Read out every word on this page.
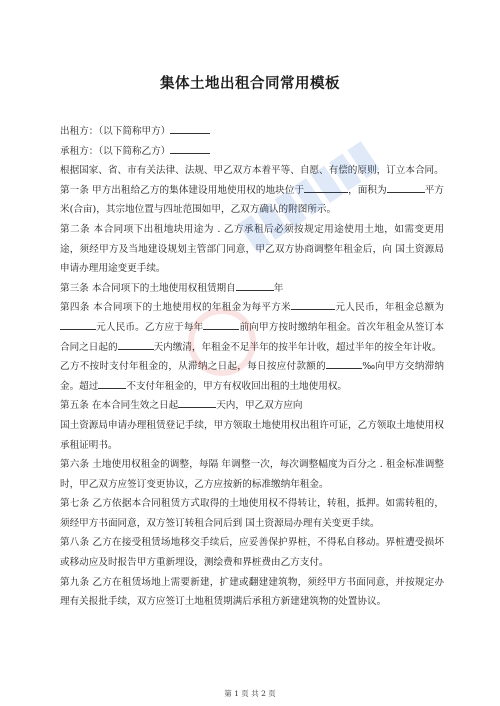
集体土地出租合同常用模板

出租方：（以下简称甲方）

承租方：（以下简称乙方）

根据国家、省、市有关法律、法规、甲乙双方本着平等、自愿、有偿的原则，订立本合同。

第一条 甲方出租给乙方的集体建设用地使用权的地块位于	，面积为	平方米(合亩)，其宗地位置与四址范围如甲，乙双方确认的附图所示。

第二条 本合同项下出租地块用途为 . 乙方承租后必须按规定用途使用土地，如需变更用途，须经甲方及当地建设规划主管部门同意，甲乙双方协商调整年租金后，向 国土资源局申请办理用途变更手续。

第三条 本合同项下的土地使用权租赁期自	年

第四条 本合同项下的土地使用权的年租金为每平方米	元人民币，年租金总额为元人民币。乙方应于每年	前向甲方按时缴纳年租金。首次年租金从签订本合同之日起的	天内缴清，年租金不足半年的按半年计收，超过半年的按全年计收。

乙方不按时支付年租金的，从滞纳之日起，每日按应付款额的	‰向甲方交纳滞纳金。超过	不支付年租金的，甲方有权收回出租的土地使用权。

第五条 在本合同生效之日起	天内，甲乙双方应向
国土资源局申请办理租赁登记手续，甲方领取土地使用权出租许可证，乙方领取土地使用权承租证明书。

第六条 土地使用权租金的调整，每隔 年调整一次，每次调整幅度为百分之 . 租金标准调整时，甲乙双方应签订变更协议，乙方应按新的标准缴纳年租金。

第七条 乙方依据本合同租赁方式取得的土地使用权不得转让，转租，抵押。如需转租的，须经甲方书面同意，双方签订转租合同后到 国土资源局办理有关变更手续。

第八条 乙方在接受租赁场地移交手续后，应妥善保护界桩，不得私自移动。界桩遭受损坏或移动应及时报告甲方重新埋设，测绘费和界桩费由乙方支付。

第九条 乙方在租赁场地上需要新建，扩建或翻建建筑物，须经甲方书面同意，并按规定办理有关报批手续，双方应签订土地租赁期满后承租方新建建筑物的处置协议。

第 1 页 共 2 页
